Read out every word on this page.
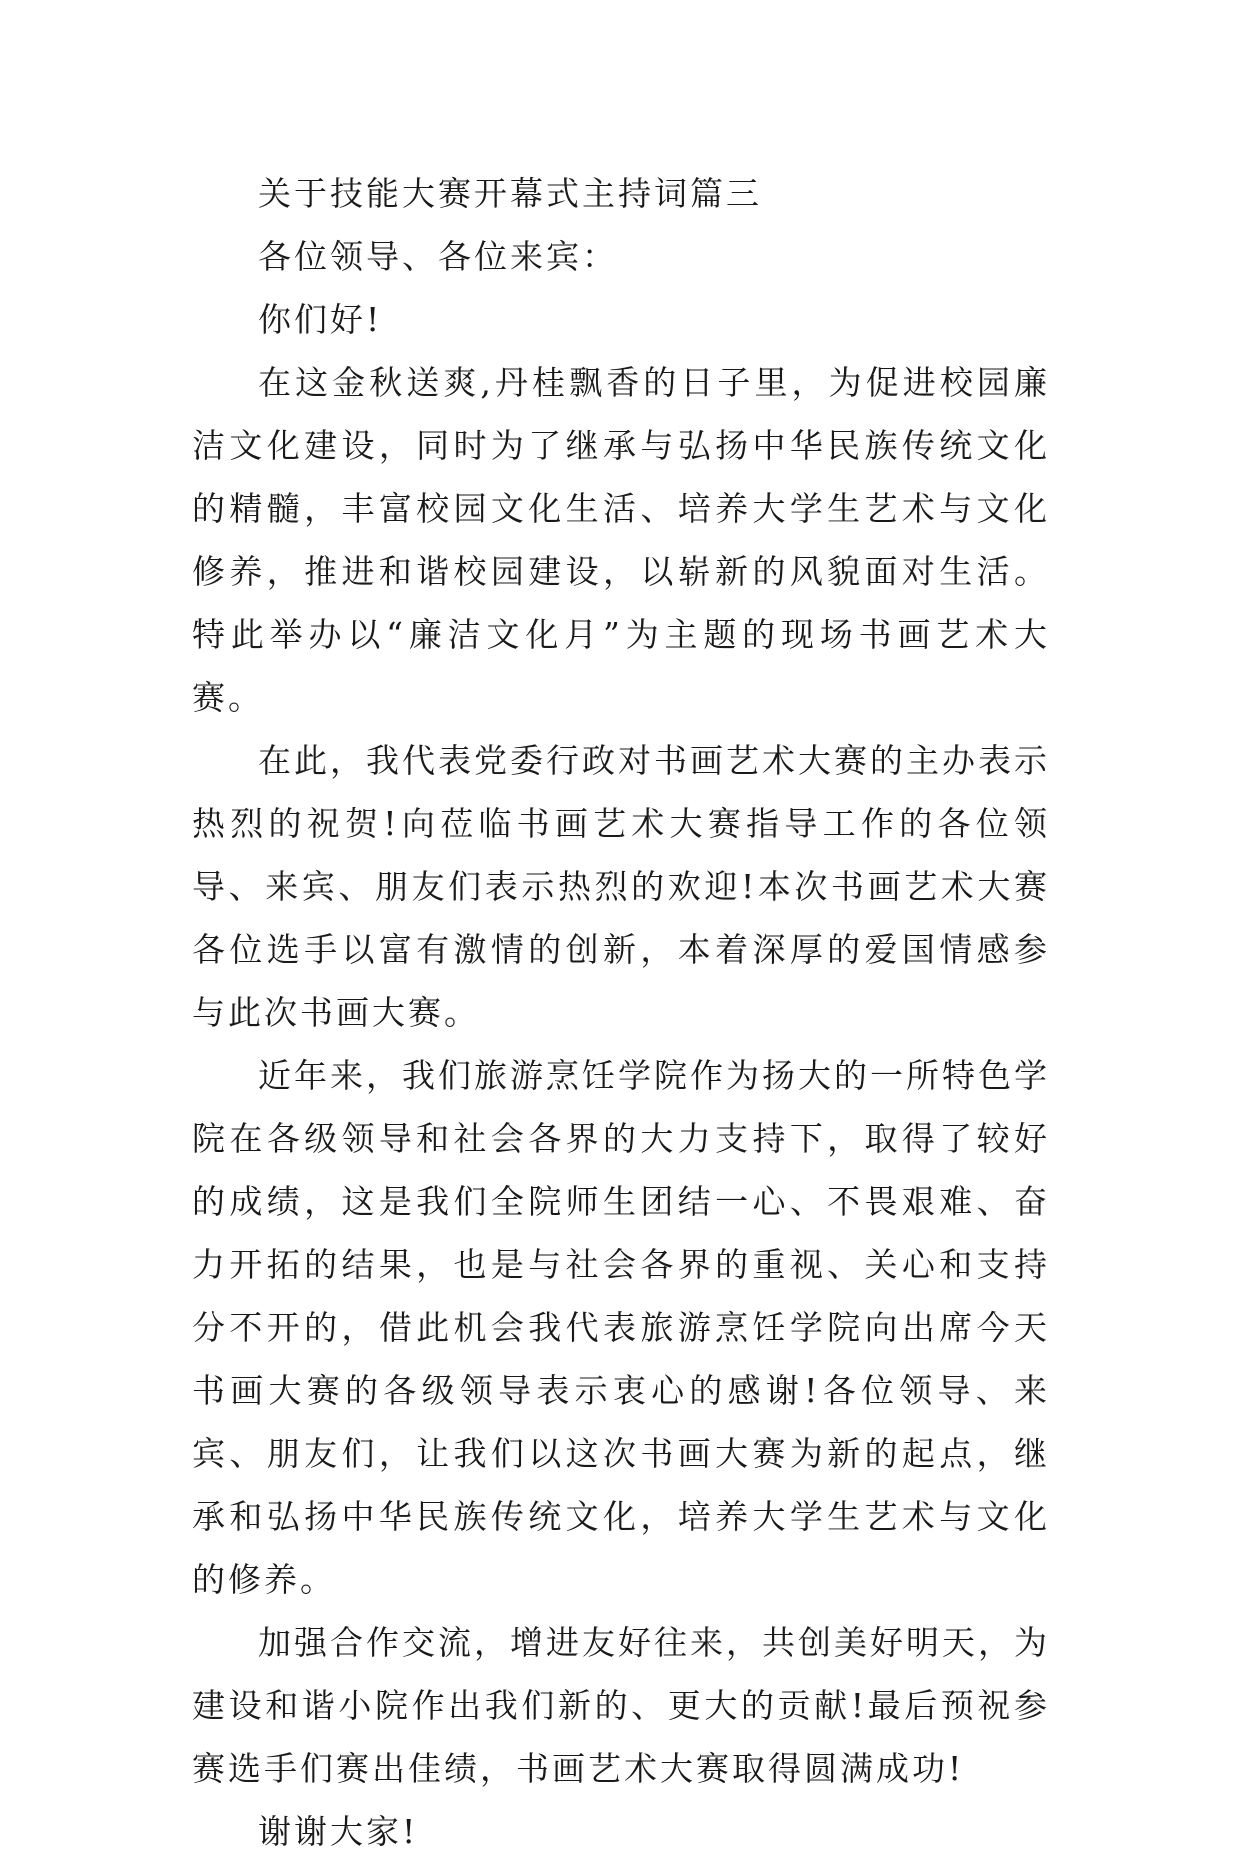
关于技能大赛开幕式主持词篇三

各位领导、各位来宾：

你们好!

在这金秋送爽,丹桂飘香的日子里，为促进校园廉洁文化建设，同时为了继承与弘扬中华民族传统文化的精髓，丰富校园文化生活、培养大学生艺术与文化修养，推进和谐校园建设，以崭新的风貌面对生活。 特此举办以“廉洁文化月”为主题的现场书画艺术大赛。

在此，我代表党委行政对书画艺术大赛的主办表示热烈的祝贺!向莅临书画艺术大赛指导工作的各位领导、来宾、朋友们表示热烈的欢迎!本次书画艺术大赛各位选手以富有激情的创新，本着深厚的爱国情感参与此次书画大赛。

近年来，我们旅游烹饪学院作为扬大的一所特色学院在各级领导和社会各界的大力支持下，取得了较好的成绩，这是我们全院师生团结一心、不畏艰难、奋力开拓的结果，也是与社会各界的重视、关心和支持分不开的，借此机会我代表旅游烹饪学院向出席今天书画大赛的各级领导表示衷心的感谢!各位领导、来宾、朋友们，让我们以这次书画大赛为新的起点，继承和弘扬中华民族传统文化，培养大学生艺术与文化的修养。

加强合作交流，增进友好往来，共创美好明天，为建设和谐小院作出我们新的、更大的贡献!最后预祝参赛选手们赛出佳绩，书画艺术大赛取得圆满成功!

谢谢大家!
